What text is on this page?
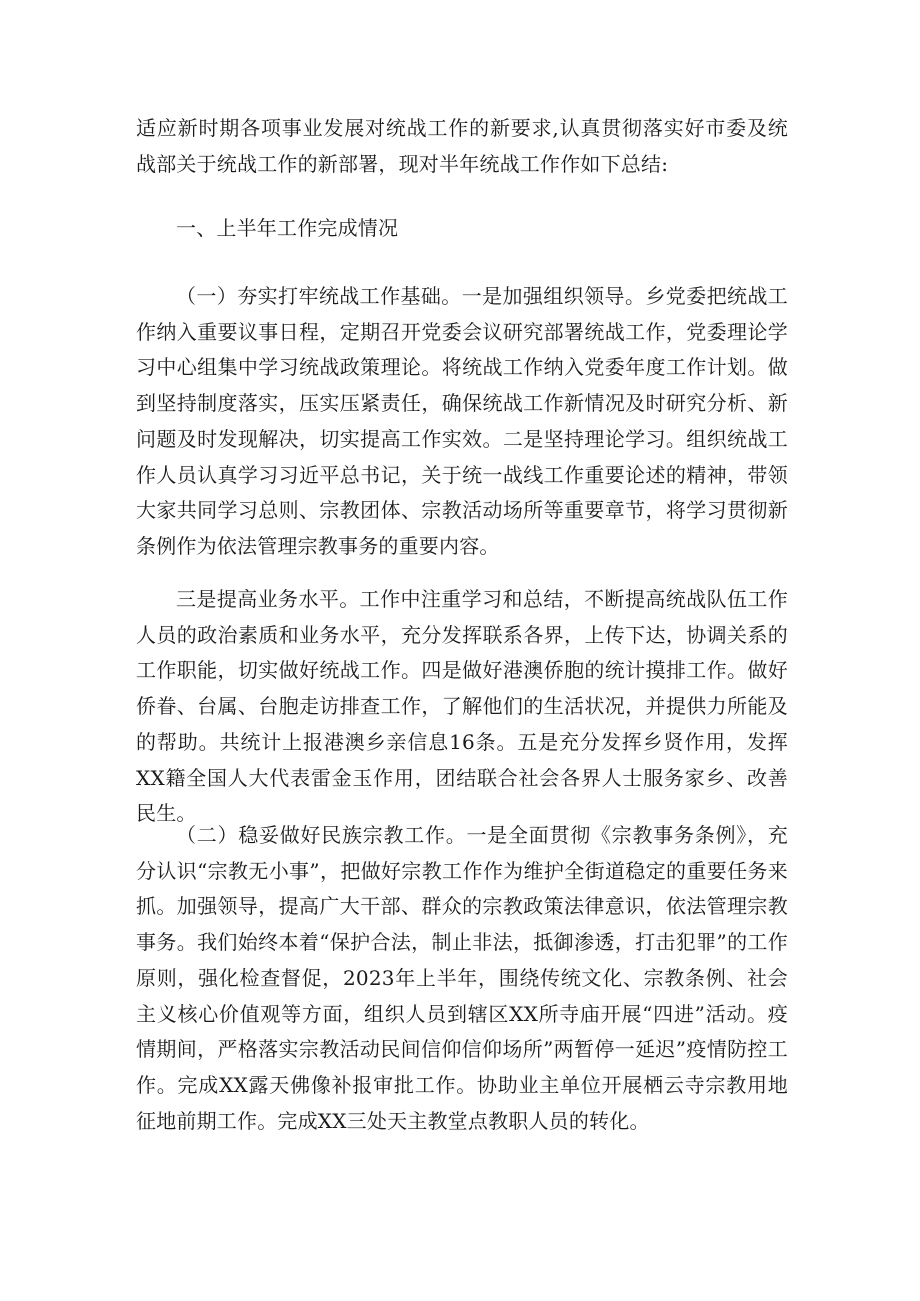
适应新时期各项事业发展对统战工作的新要求,认真贯彻落实好市委及统战部关于统战工作的新部署，现对半年统战工作作如下总结:

一、上半年工作完成情况

（一）夯实打牢统战工作基础。一是加强组织领导。乡党委把统战工作纳入重要议事日程，定期召开党委会议研究部署统战工作，党委理论学习中心组集中学习统战政策理论。将统战工作纳入党委年度工作计划。做到坚持制度落实，压实压紧责任，确保统战工作新情况及时研究分析、新问题及时发现解决，切实提高工作实效。二是坚持理论学习。组织统战工作人员认真学习习近平总书记，关于统一战线工作重要论述的精神，带领大家共同学习总则、宗教团体、宗教活动场所等重要章节，将学习贯彻新条例作为依法管理宗教事务的重要内容。

三是提高业务水平。工作中注重学习和总结，不断提高统战队伍工作人员的政治素质和业务水平，充分发挥联系各界，上传下达，协调关系的工作职能，切实做好统战工作。四是做好港澳侨胞的统计摸排工作。做好侨眷、台属、台胞走访排查工作，了解他们的生活状况，并提供力所能及的帮助。共统计上报港澳乡亲信息16条。五是充分发挥乡贤作用，发挥XX籍全国人大代表雷金玉作用，团结联合社会各界人士服务家乡、改善民生。

（二）稳妥做好民族宗教工作。一是全面贯彻《宗教事务条例》，充分认识“宗教无小事”，把做好宗教工作作为维护全街道稳定的重要任务来抓。加强领导，提高广大干部、群众的宗教政策法律意识，依法管理宗教事务。我们始终本着“保护合法，制止非法，抵御渗透，打击犯罪”的工作原则，强化检查督促，2023年上半年，围绕传统文化、宗教条例、社会主义核心价值观等方面，组织人员到辖区XX所寺庙开展“四进”活动。疫情期间，严格落实宗教活动民间信仰信仰场所”两暂停一延迟”疫情防控工作。完成XX露天佛像补报审批工作。协助业主单位开展栖云寺宗教用地征地前期工作。完成XX三处天主教堂点教职人员的转化。
